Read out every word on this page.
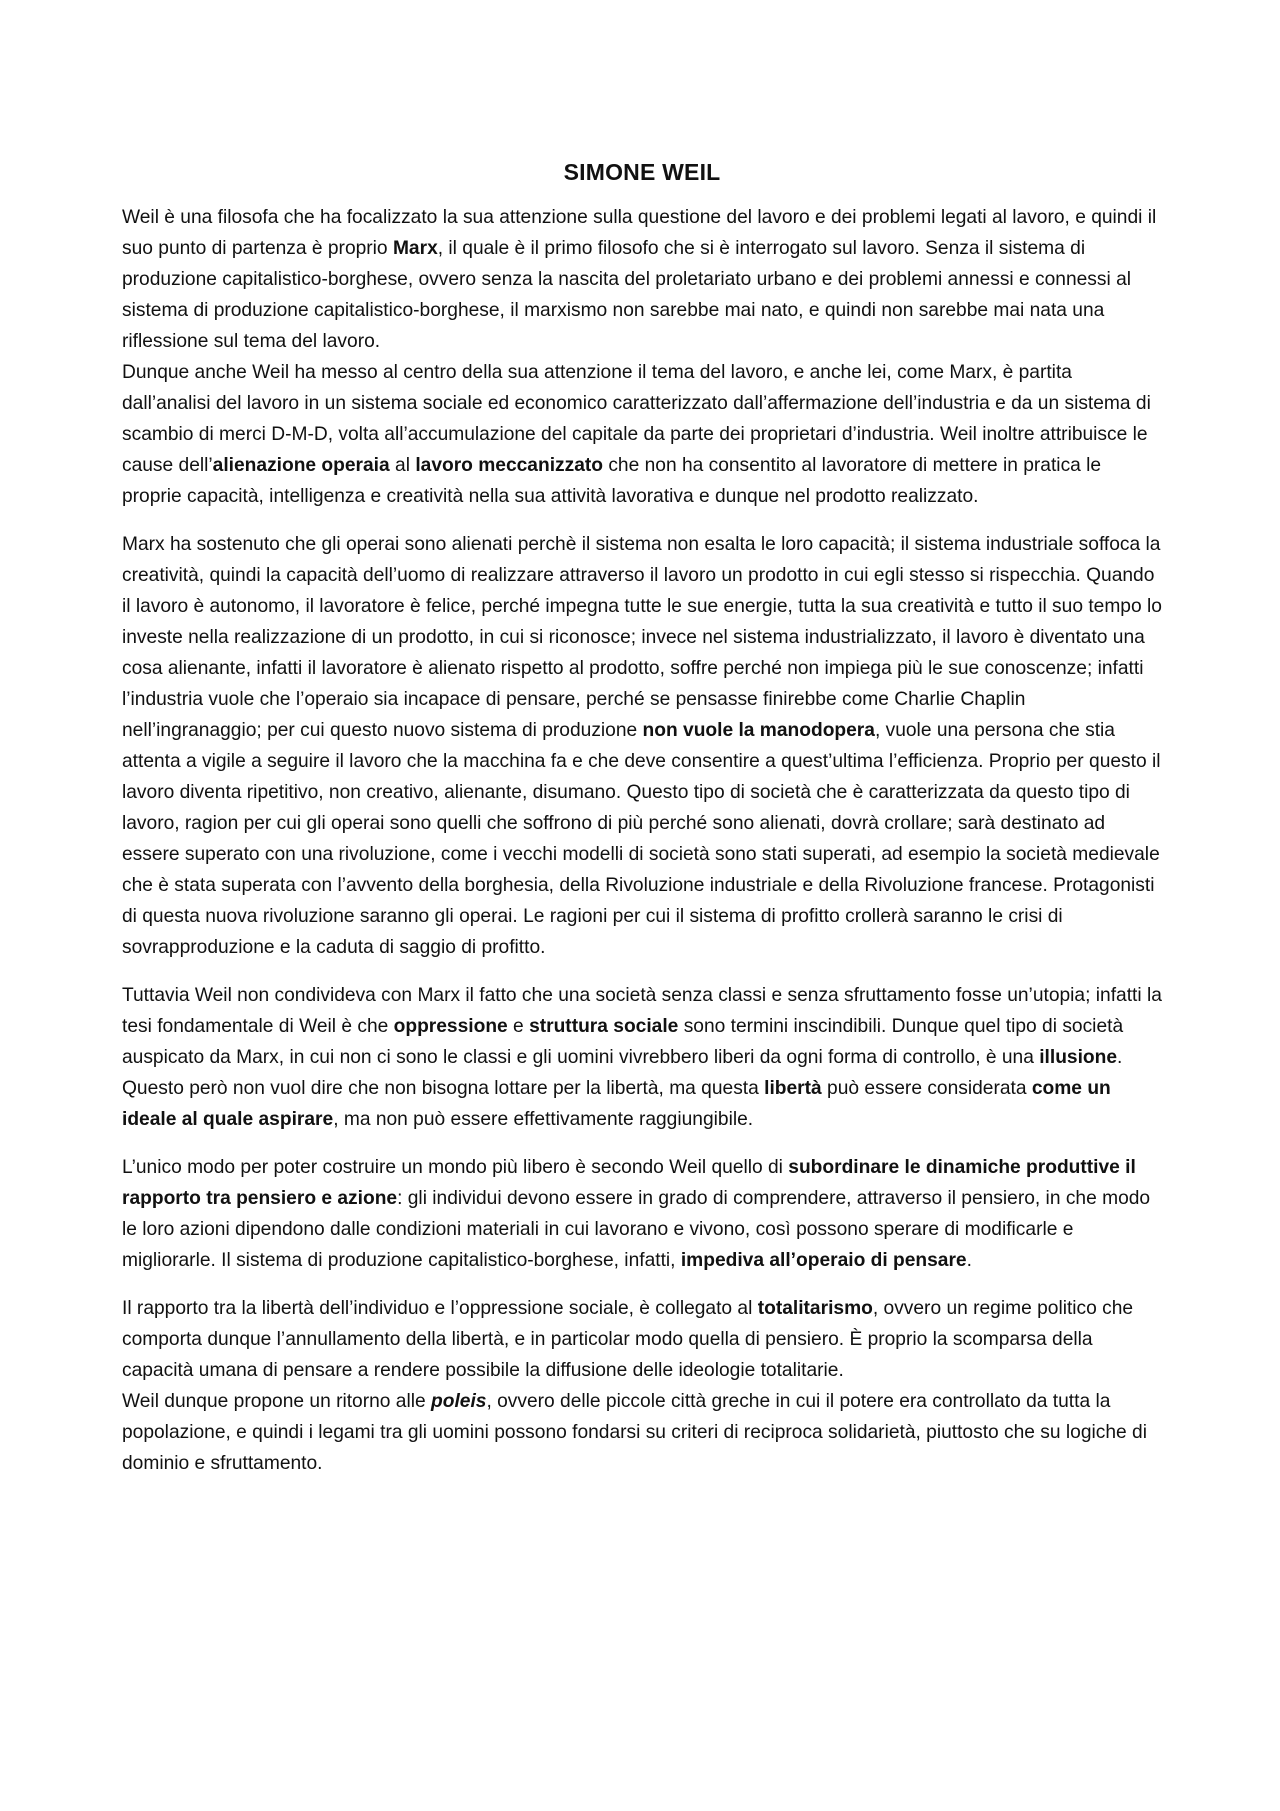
SIMONE WEIL

Weil è una filosofa che ha focalizzato la sua attenzione sulla questione del lavoro e dei problemi legati al lavoro, e quindi il suo punto di partenza è proprio Marx, il quale è il primo filosofo che si è interrogato sul lavoro. Senza il sistema di produzione capitalistico-borghese, ovvero senza la nascita del proletariato urbano e dei problemi annessi e connessi al sistema di produzione capitalistico-borghese, il marxismo non sarebbe mai nato, e quindi non sarebbe mai nata una riflessione sul tema del lavoro.

Dunque anche Weil ha messo al centro della sua attenzione il tema del lavoro, e anche lei, come Marx, è partita dall’analisi del lavoro in un sistema sociale ed economico caratterizzato dall’affermazione dell’industria e da un sistema di scambio di merci D-M-D, volta all’accumulazione del capitale da parte dei proprietari d’industria. Weil inoltre attribuisce le cause dell’alienazione operaia al lavoro meccanizzato che non ha consentito al lavoratore di mettere in pratica le proprie capacità, intelligenza e creatività nella sua attività lavorativa e dunque nel prodotto realizzato.

Marx ha sostenuto che gli operai sono alienati perchè il sistema non esalta le loro capacità; il sistema industriale soffoca la creatività, quindi la capacità dell’uomo di realizzare attraverso il lavoro un prodotto in cui egli stesso si rispecchia. Quando il lavoro è autonomo, il lavoratore è felice, perché impegna tutte le sue energie, tutta la sua creatività e tutto il suo tempo lo investe nella realizzazione di un prodotto, in cui si riconosce; invece nel sistema industrializzato, il lavoro è diventato una cosa alienante, infatti il lavoratore è alienato rispetto al prodotto, soffre perché non impiega più le sue conoscenze; infatti l’industria vuole che l’operaio sia incapace di pensare, perché se pensasse finirebbe come Charlie Chaplin nell’ingranaggio; per cui questo nuovo sistema di produzione non vuole la manodopera, vuole una persona che stia attenta a vigile a seguire il lavoro che la macchina fa e che deve consentire a quest’ultima l’efficienza. Proprio per questo il lavoro diventa ripetitivo, non creativo, alienante, disumano. Questo tipo di società che è caratterizzata da questo tipo di lavoro, ragion per cui gli operai sono quelli che soffrono di più perché sono alienati, dovrà crollare; sarà destinato ad essere superato con una rivoluzione, come i vecchi modelli di società sono stati superati, ad esempio la società medievale che è stata superata con l’avvento della borghesia, della Rivoluzione industriale e della Rivoluzione francese. Protagonisti di questa nuova rivoluzione saranno gli operai. Le ragioni per cui il sistema di profitto crollerà saranno le crisi di sovrapproduzione e la caduta di saggio di profitto.

Tuttavia Weil non condivideva con Marx il fatto che una società senza classi e senza sfruttamento fosse un’utopia; infatti la tesi fondamentale di Weil è che oppressione e struttura sociale sono termini inscindibili. Dunque quel tipo di società auspicato da Marx, in cui non ci sono le classi e gli uomini vivrebbero liberi da ogni forma di controllo, è una illusione. Questo però non vuol dire che non bisogna lottare per la libertà, ma questa libertà può essere considerata come un ideale al quale aspirare, ma non può essere effettivamente raggiungibile.

L’unico modo per poter costruire un mondo più libero è secondo Weil quello di subordinare le dinamiche produttive il rapporto tra pensiero e azione: gli individui devono essere in grado di comprendere, attraverso il pensiero, in che modo le loro azioni dipendono dalle condizioni materiali in cui lavorano e vivono, così possono sperare di modificarle e migliorarle. Il sistema di produzione capitalistico-borghese, infatti, impediva all’operaio di pensare.

Il rapporto tra la libertà dell’individuo e l’oppressione sociale, è collegato al totalitarismo, ovvero un regime politico che comporta dunque l’annullamento della libertà, e in particolar modo quella di pensiero. È proprio la scomparsa della capacità umana di pensare a rendere possibile la diffusione delle ideologie totalitarie.

Weil dunque propone un ritorno alle poleis, ovvero delle piccole città greche in cui il potere era controllato da tutta la popolazione, e quindi i legami tra gli uomini possono fondarsi su criteri di reciproca solidarietà, piuttosto che su logiche di dominio e sfruttamento.
